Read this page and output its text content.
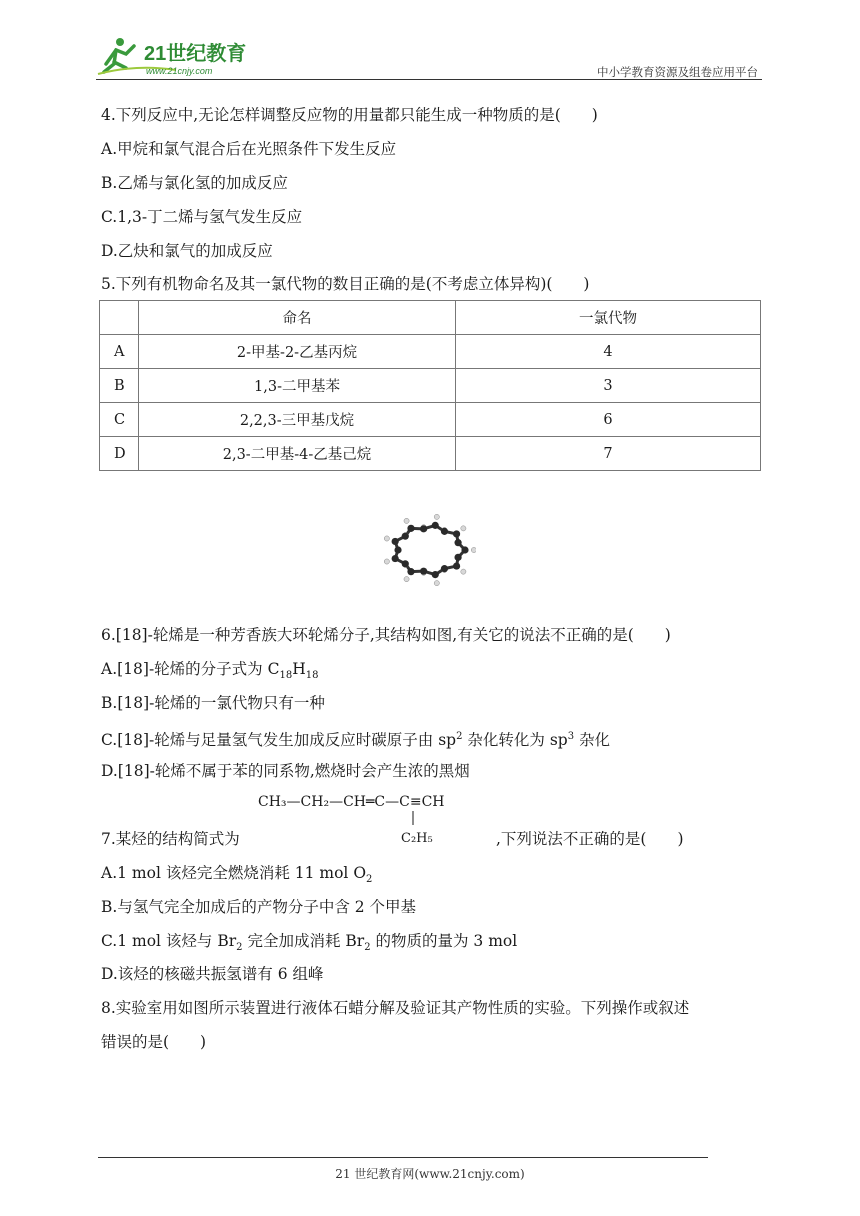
21世纪教育
www.21cnjy.com	中小学教育资源及组卷应用平台
4.下列反应中,无论怎样调整反应物的用量都只能生成一种物质的是(　　)
A.甲烷和氯气混合后在光照条件下发生反应
B.乙烯与氯化氢的加成反应
C.1,3-丁二烯与氢气发生反应
D.乙炔和氯气的加成反应
5.下列有机物命名及其一氯代物的数目正确的是(不考虑立体异构)(　　)
	命名	一氯代物
A	2-甲基-2-乙基丙烷	4
B	1,3-二甲基苯	3
C	2,2,3-三甲基戊烷	6
D	2,3-二甲基-4-乙基己烷	7
6.[18]-轮烯是一种芳香族大环轮烯分子,其结构如图,有关它的说法不正确的是(　　)
A.[18]-轮烯的分子式为 $C_{18}H_{18}$
B.[18]-轮烯的一氯代物只有一种
C.[18]-轮烯与足量氢气发生加成反应时碳原子由 $sp^2$ 杂化转化为 $sp^3$ 杂化
D.[18]-轮烯不属于苯的同系物,燃烧时会产生浓的黑烟
CH₃—CH₂—CH═C—C≡CH
C₂H₅
7.某烃的结构简式为	,下列说法不正确的是(　　)
A.1 mol 该烃完全燃烧消耗 11 mol $O_2$
B.与氢气完全加成后的产物分子中含 2 个甲基
C.1 mol 该烃与 $Br_2$ 完全加成消耗 $Br_2$ 的物质的量为 3 mol
D.该烃的核磁共振氢谱有 6 组峰
8.实验室用如图所示装置进行液体石蜡分解及验证其产物性质的实验。下列操作或叙述
错误的是(　　)
21 世纪教育网(www.21cnjy.com)
